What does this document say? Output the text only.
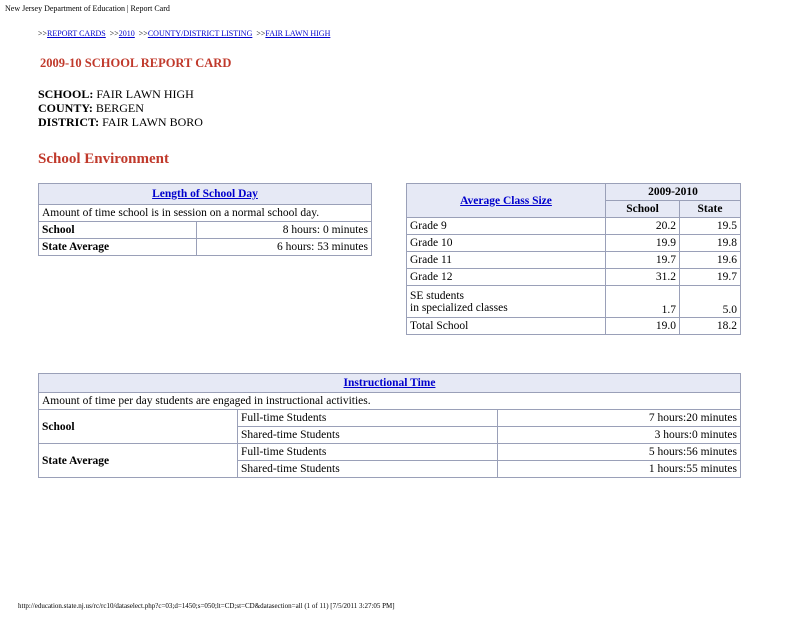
New Jersey Department of Education | Report Card
>>REPORT CARDS >>2010 >>COUNTY/DISTRICT LISTING >>FAIR LAWN HIGH
2009-10 SCHOOL REPORT CARD
SCHOOL: FAIR LAWN HIGH
COUNTY: BERGEN
DISTRICT: FAIR LAWN BORO
School Environment
Length of School Day	
Amount of time school is in session on a normal school day.	
School	8 hours: 0 minutes
State Average	6 hours: 53 minutes
Average Class Size	2009-2010	
	School	State
Grade 9	20.2	19.5
Grade 10	19.9	19.8
Grade 11	19.7	19.6
Grade 12	31.2	19.7

SE students
in specialized classes	1.7	5.0
Total School	19.0	18.2
Instructional Time		
Amount of time per day students are engaged in instructional activities.		
School	Full-time Students	7 hours:20 minutes
	Shared-time Students	3 hours:0 minutes
State Average	Full-time Students	5 hours:56 minutes
	Shared-time Students	1 hours:55 minutes
http://education.state.nj.us/rc/rc10/dataselect.php?c=03;d=1450;s=050;lt=CD;st=CD&datasection=all (1 of 11) [7/5/2011 3:27:05 PM]
